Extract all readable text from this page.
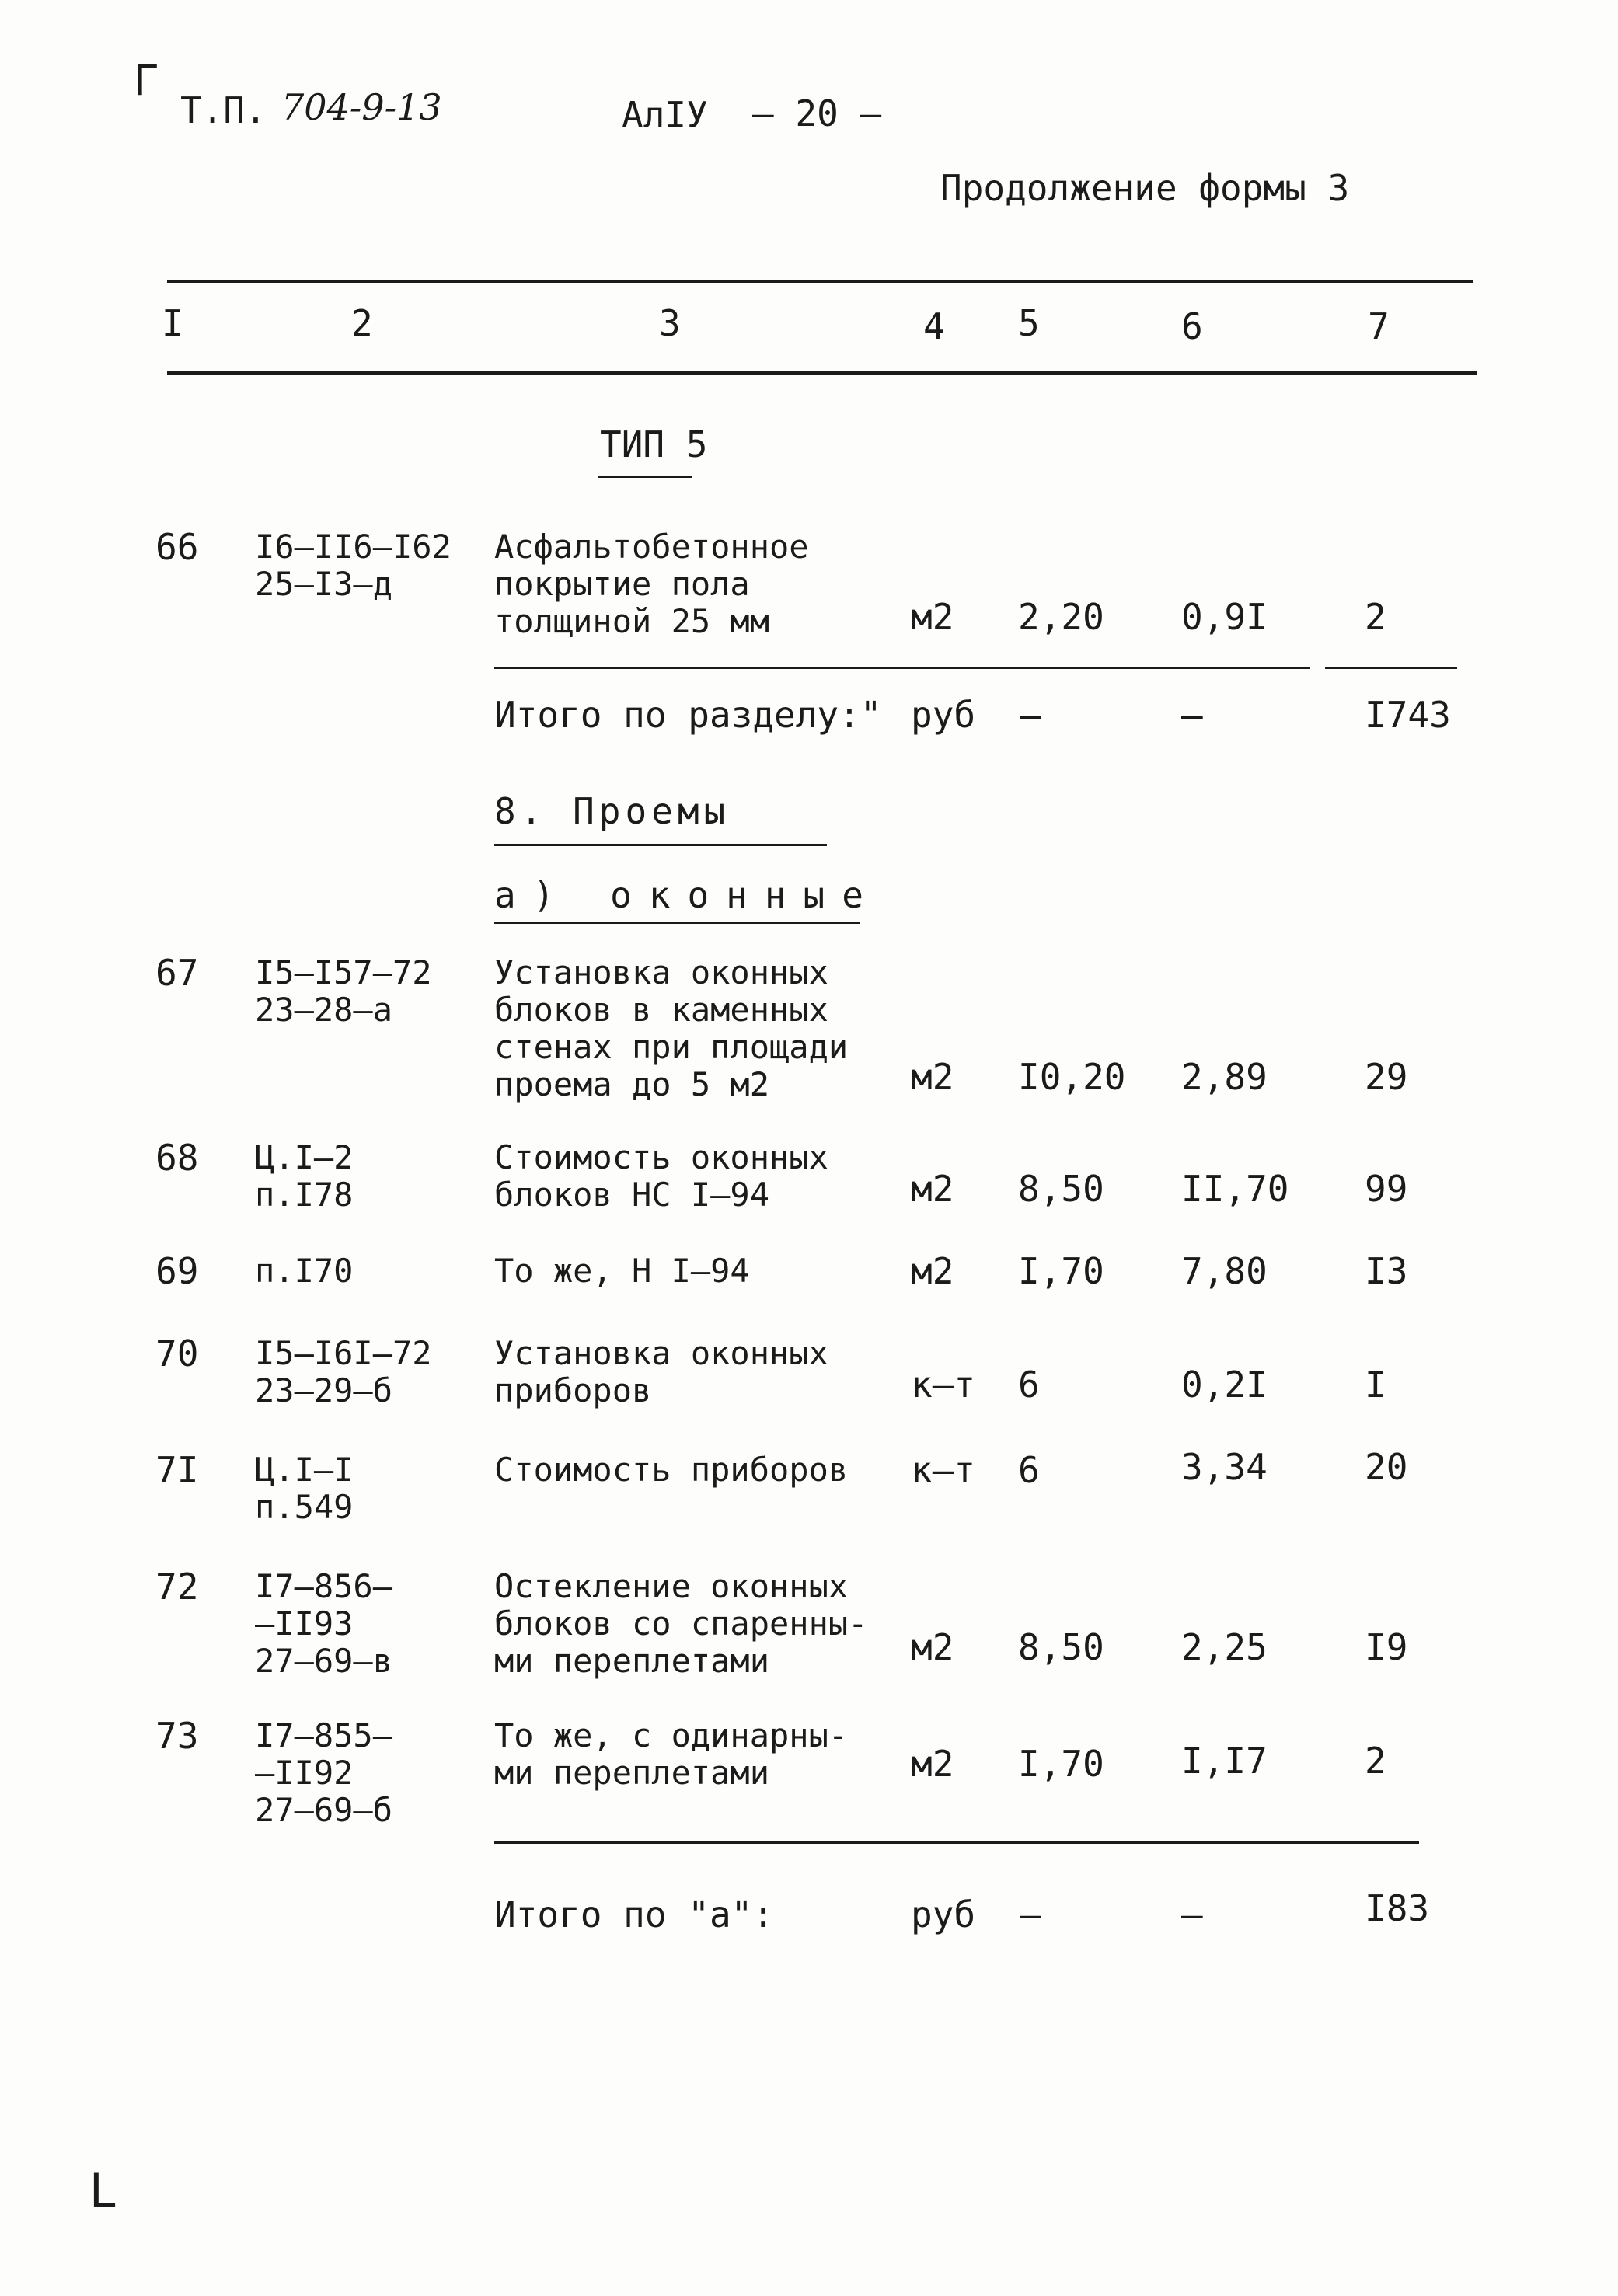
Г
L
Т.П. 704-9-13	АлIУ — 20 —
Продолжение формы 3
I	2	3	4 5	6	7
ТИП 5
66 I6–II6–I62
25–I3–д
Асфальтобетонное
покрытие пола
толщиной 25 мм	м2 2,20 0,9I	2
Итого по разделу:" руб –	–	I743
8. Проемы
а) оконные
67 I5–I57–72
23–28–а
Установка оконных
блоков в каменных
стенах при площади
проема до 5 м2	м2 I0,20 2,89	29
68 Ц.I–2
п.I78
Стоимость оконных
блоков НС I–94	м2 8,50 II,70 99
69 п.I70	То же, Н I–94	м2 I,70 7,80	I3
70 I5–I6I–72
23–29–б
Установка оконных
приборов	к–т 6	0,2I	I
7I Ц.I–I
п.549
Стоимость приборов к–т 6	3,34	20
72 I7–856–
–II93
27–69–в
Остекление оконных
блоков со спаренны-
ми переплетами	м2 8,50 2,25	I9
73 I7–855–
–II92
27–69–б
То же, с одинарны-
ми переплетами	м2 I,70 I,I7	2
Итого по "а":	руб –	–	I83
